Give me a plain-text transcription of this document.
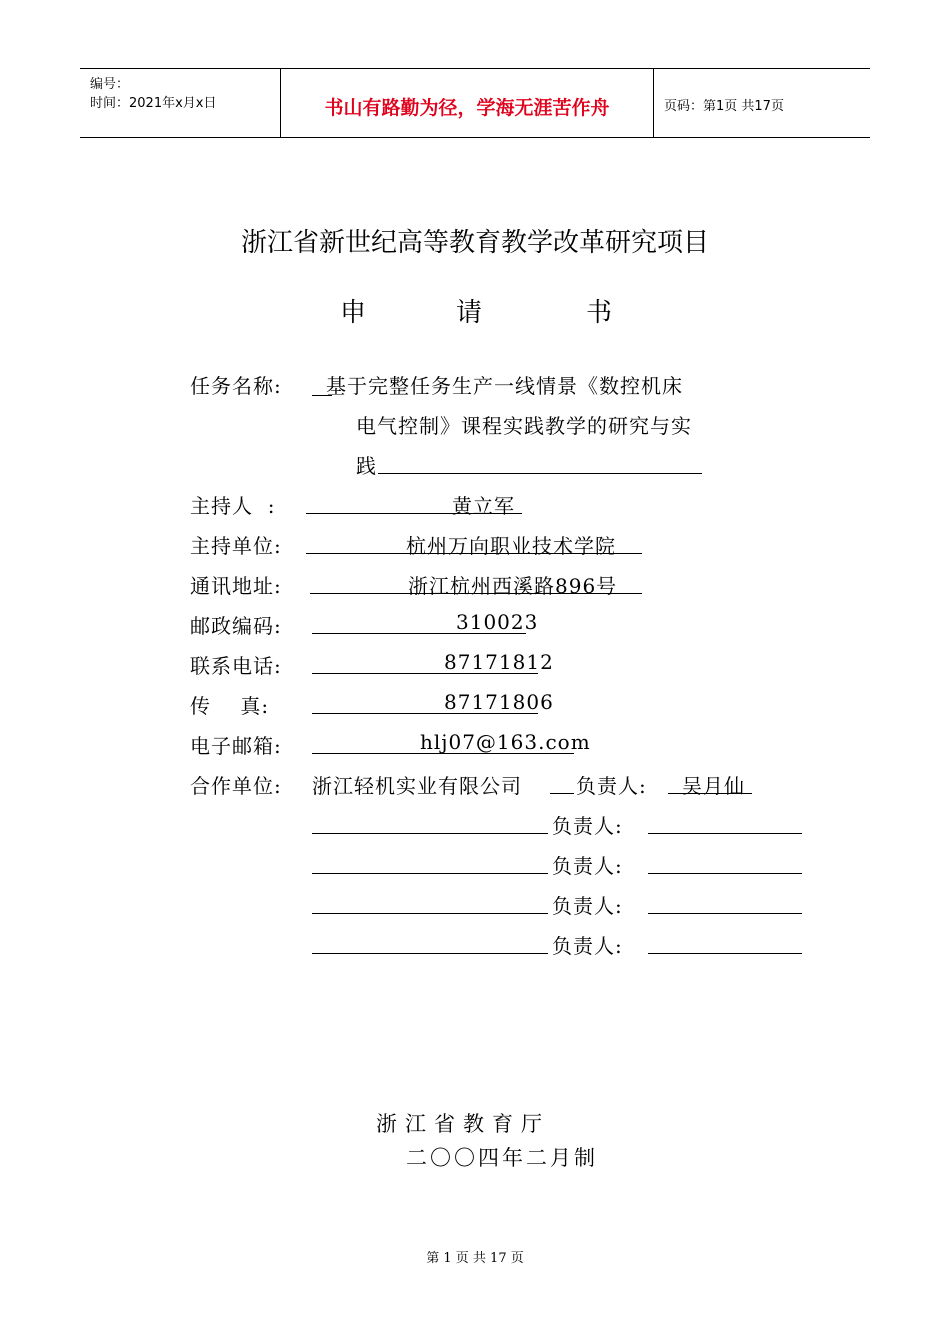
编号：
时间：2021年x月x日	书山有路勤为径，学海无涯苦作舟	页码：第1页 共17页
浙江省新世纪高等教育教学改革研究项目
申	请	书
任务名称: 基于完整任务生产一线情景《数控机床
电气控制》课程实践教学的研究与实
践
主持人  :	黄立军
主持单位:	杭州万向职业技术学院
通讯地址:	浙江杭州西溪路896号
邮政编码:	310023
联系电话:	87171812
传    真:	87171806
电子邮箱:	hlj07@163.com
合作单位: 浙江轻机实业有限公司	负责人: 吴月仙
负责人:
负责人:
负责人:
负责人:
浙江省教育厅
二〇〇四年二月制
第 1 页 共 17 页
